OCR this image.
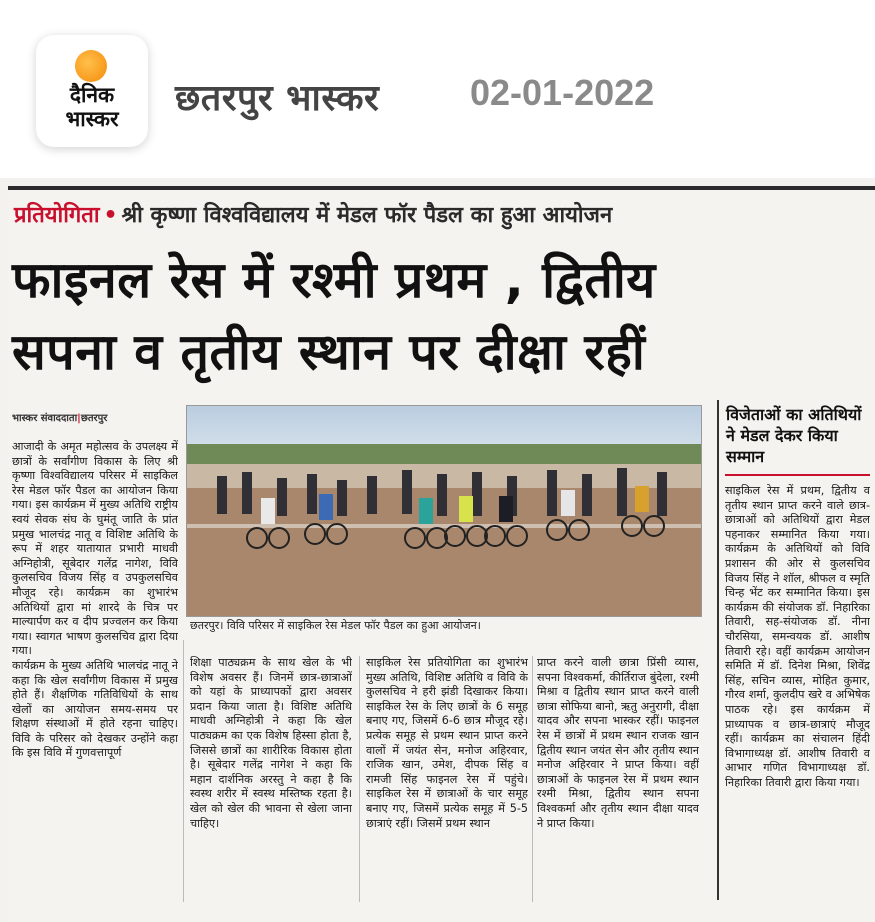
दैनिक
भास्कर	छतरपुर भास्कर	02-01-2022
प्रतियोगिता • श्री कृष्णा विश्वविद्यालय में मेडल फॉर पैडल का हुआ आयोजन
फाइनल रेस में रश्मी प्रथम , द्वितीय
सपना व तृतीय स्थान पर दीक्षा रहीं
भास्कर संवाददाता|छतरपुर
छतरपुर। विवि परिसर में साइकिल रेस मेडल फॉर पैडल का हुआ आयोजन।

आजादी के अमृत महोत्सव के उपलक्ष्य में छात्रों के सर्वांगीण विकास के लिए श्री कृष्णा विश्वविद्यालय परिसर में साइकिल रेस मेडल फॉर पैडल का आयोजन किया गया। इस कार्यक्रम में मुख्य अतिथि राष्ट्रीय स्वयं सेवक संघ के घुमंतू जाति के प्रांत प्रमुख भालचंद्र नातू व विशिष्ट अतिथि के रूप में शहर यातायात प्रभारी माधवी अग्निहोत्री, सूबेदार गलेंद्र नागेश, विवि कुलसचिव विजय सिंह व उपकुलसचिव मौजूद रहे। कार्यक्रम का शुभारंभ अतिथियों द्वारा मां शारदे के चित्र पर माल्यार्पण कर व दीप प्रज्वलन कर किया गया। स्वागत भाषण कुलसचिव द्वारा दिया गया।

कार्यक्रम के मुख्य अतिथि भालचंद्र नातू ने कहा कि खेल सर्वांगीण विकास में प्रमुख होते हैं। शैक्षणिक गतिविधियों के साथ खेलों का आयोजन समय-समय पर शिक्षण संस्थाओं में होते रहना चाहिए। विवि के परिसर को देखकर उन्होंने कहा कि इस विवि में गुणवत्तापूर्ण

शिक्षा पाठ्यक्रम के साथ खेल के भी विशेष अवसर हैं। जिनमें छात्र-छात्राओं को यहां के प्राध्यापकों द्वारा अवसर प्रदान किया जाता है। विशिष्ट अतिथि माधवी अग्निहोत्री ने कहा कि खेल पाठ्यक्रम का एक विशेष हिस्सा होता है, जिससे छात्रों का शारीरिक विकास होता है। सूबेदार गलेंद्र नागेश ने कहा कि महान दार्शनिक अरस्तु ने कहा है कि स्वस्थ शरीर में स्वस्थ मस्तिष्क रहता है। खेल को खेल की भावना से खेला जाना चाहिए।

साइकिल रेस प्रतियोगिता का शुभारंभ मुख्य अतिथि, विशिष्ट अतिथि व विवि के कुलसचिव ने हरी झंडी दिखाकर किया। साइकिल रेस के लिए छात्रों के 6 समूह बनाए गए, जिसमें 6-6 छात्र मौजूद रहे। प्रत्येक समूह से प्रथम स्थान प्राप्त करने वालों में जयंत सेन, मनोज अहिरवार, राजिक खान, उमेश, दीपक सिंह व रामजी सिंह फाइनल रेस में पहुंचे। साइकिल रेस में छात्राओं के चार समूह बनाए गए, जिसमें प्रत्येक समूह में 5-5 छात्राएं रहीं। जिसमें प्रथम स्थान

प्राप्त करने वाली छात्रा प्रिंसी व्यास, सपना विश्वकर्मा, कीर्तिराज बुंदेला, रश्मी मिश्रा व द्वितीय स्थान प्राप्त करने वाली छात्रा सोफिया बानो, ऋतु अनुरागी, दीक्षा यादव और सपना भास्कर रहीं। फाइनल रेस में छात्रों में प्रथम स्थान राजक खान द्वितीय स्थान जयंत सेन और तृतीय स्थान मनोज अहिरवार ने प्राप्त किया। वहीं छात्राओं के फाइनल रेस में प्रथम स्थान रश्मी मिश्रा, द्वितीय स्थान सपना विश्वकर्मा और तृतीय स्थान दीक्षा यादव ने प्राप्त किया।

विजेताओं का अतिथियों ने मेडल देकर किया सम्मान

साइकिल रेस में प्रथम, द्वितीय व तृतीय स्थान प्राप्त करने वाले छात्र-छात्राओं को अतिथियों द्वारा मेडल पहनाकर सम्मानित किया गया। कार्यक्रम के अतिथियों को विवि प्रशासन की ओर से कुलसचिव विजय सिंह ने शॉल, श्रीफल व स्मृति चिन्ह भेंट कर सम्मानित किया। इस कार्यक्रम की संयोजक डॉ. निहारिका तिवारी, सह-संयोजक डॉ. नीना चौरसिया, समन्वयक डॉ. आशीष तिवारी रहे। वहीं कार्यक्रम आयोजन समिति में डॉ. दिनेश मिश्रा, शिवेंद्र सिंह, सचिन व्यास, मोहित कुमार, गौरव शर्मा, कुलदीप खरे व अभिषेक पाठक रहे। इस कार्यक्रम में प्राध्यापक व छात्र-छात्राएं मौजूद रहीं। कार्यक्रम का संचालन हिंदी विभागाध्यक्ष डॉ. आशीष तिवारी व आभार गणित विभागाध्यक्ष डॉ. निहारिका तिवारी द्वारा किया गया।
